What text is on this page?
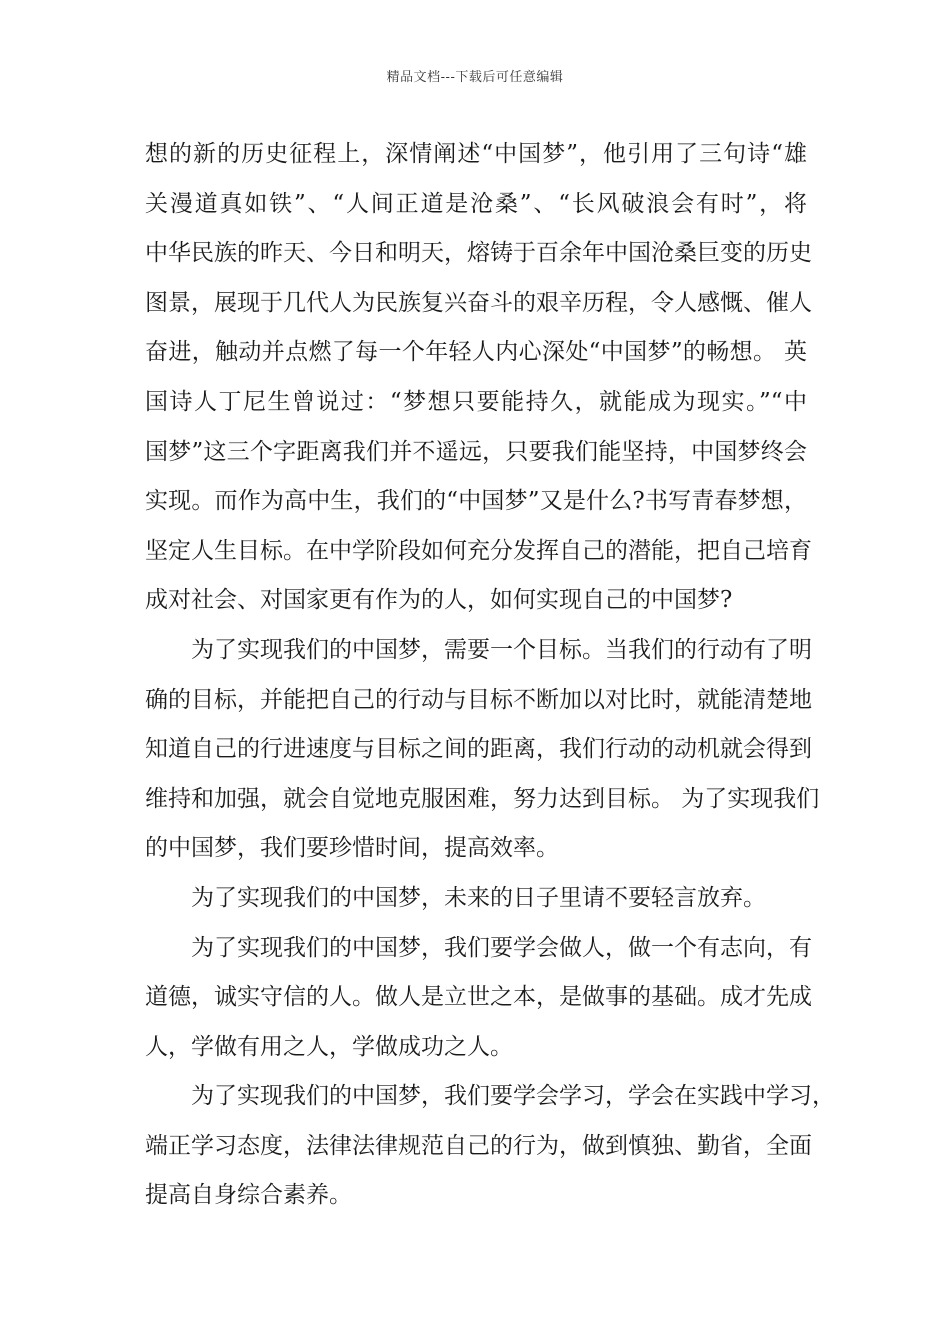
精品文档---下载后可任意编辑
想的新的历史征程上，深情阐述“中国梦”，他引用了三句诗“雄
关漫道真如铁”、“人间正道是沧桑”、“长风破浪会有时”，将
中华民族的昨天、今日和明天，熔铸于百余年中国沧桑巨变的历史
图景，展现于几代人为民族复兴奋斗的艰辛历程，令人感慨、催人
奋进，触动并点燃了每一个年轻人内心深处“中国梦”的畅想。 英
国诗人丁尼生曾说过：“梦想只要能持久，就能成为现实。”“中
国梦”这三个字距离我们并不遥远，只要我们能坚持，中国梦终会
实现。而作为高中生，我们的“中国梦”又是什么?书写青春梦想，
坚定人生目标。在中学阶段如何充分发挥自己的潜能，把自己培育
成对社会、对国家更有作为的人，如何实现自己的中国梦?
为了实现我们的中国梦，需要一个目标。当我们的行动有了明
确的目标，并能把自己的行动与目标不断加以对比时，就能清楚地
知道自己的行进速度与目标之间的距离，我们行动的动机就会得到
维持和加强，就会自觉地克服困难，努力达到目标。 为了实现我们
的中国梦，我们要珍惜时间，提高效率。
为了实现我们的中国梦，未来的日子里请不要轻言放弃。
为了实现我们的中国梦，我们要学会做人，做一个有志向，有
道德，诚实守信的人。做人是立世之本，是做事的基础。成才先成
人，学做有用之人，学做成功之人。
为了实现我们的中国梦，我们要学会学习，学会在实践中学习，
端正学习态度，法律法律规范自己的行为，做到慎独、勤省，全面
提高自身综合素养。
